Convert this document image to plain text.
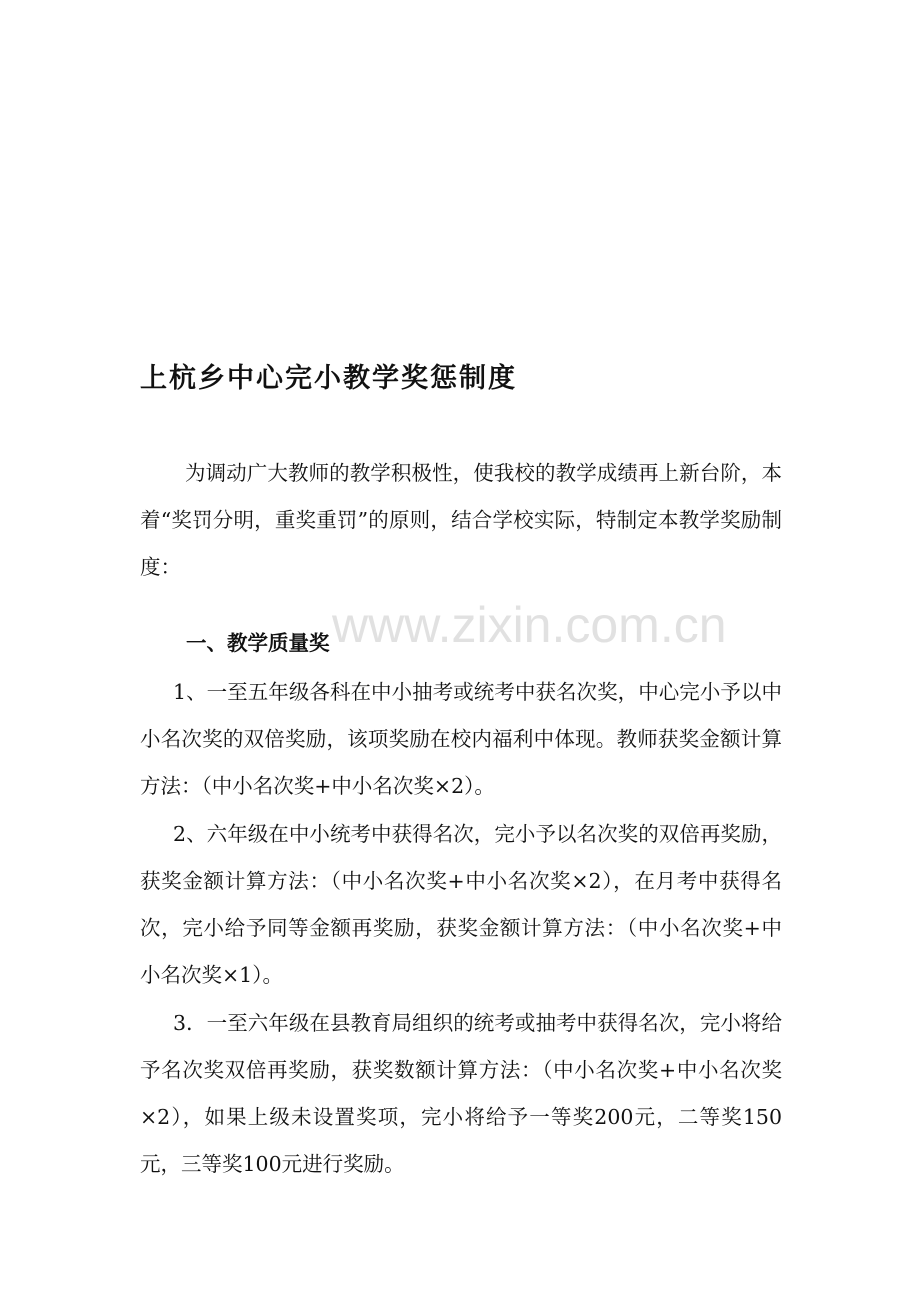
上杭乡中心完小教学奖惩制度

为调动广大教师的教学积极性，使我校的教学成绩再上新台阶，本着“奖罚分明，重奖重罚”的原则，结合学校实际，特制定本教学奖励制度：

一、教学质量奖

1、一至五年级各科在中小抽考或统考中获名次奖，中心完小予以中小名次奖的双倍奖励，该项奖励在校内福利中体现。教师获奖金额计算方法：（中小名次奖+中小名次奖×2）。

2、六年级在中小统考中获得名次，完小予以名次奖的双倍再奖励，获奖金额计算方法：（中小名次奖+中小名次奖×2），在月考中获得名次，完小给予同等金额再奖励，获奖金额计算方法：（中小名次奖+中小名次奖×1）。

3．一至六年级在县教育局组织的统考或抽考中获得名次，完小将给予名次奖双倍再奖励，获奖数额计算方法：（中小名次奖+中小名次奖×2），如果上级未设置奖项，完小将给予一等奖200元，二等奖150元，三等奖100元进行奖励。

www.zixin.com.cn
